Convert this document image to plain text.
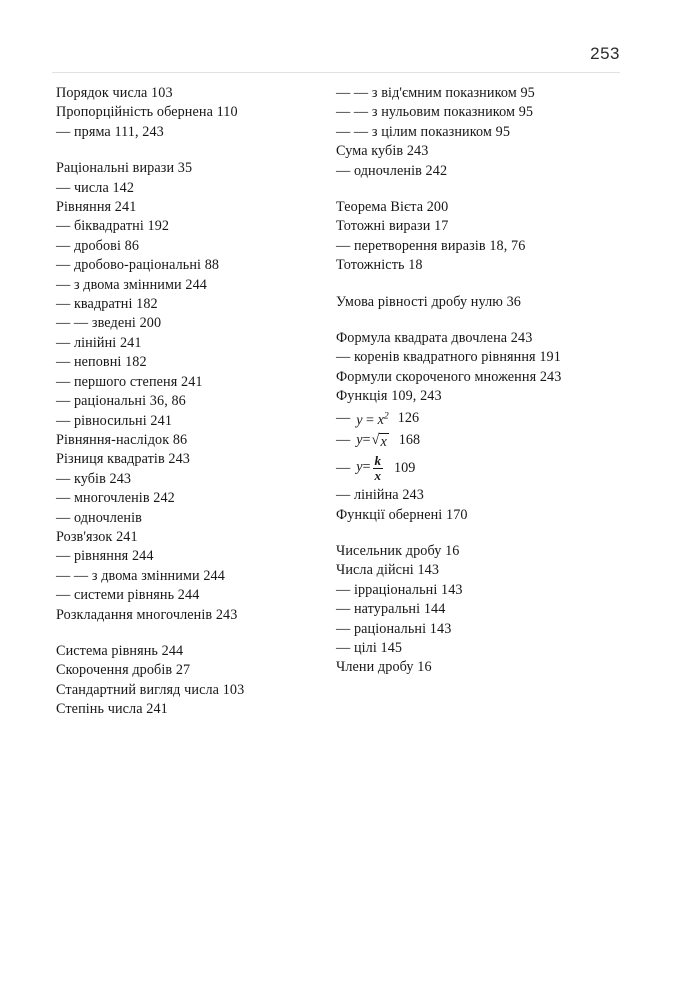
253
Порядок числа 103
Пропорційність обернена 110
— пряма 111, 243
Раціональні вирази 35
— числа 142
Рівняння 241
— біквадратні 192
— дробові 86
— дробово-раціональні 88
— з двома змінними 244
— квадратні 182
— — зведені 200
— лінійні 241
— неповні 182
— першого степеня 241
— раціональні 36, 86
— рівносильні 241
Рівняння-наслідок 86
Різниця квадратів 243
— кубів 243
— многочленів 242
— одночленів
Розв'язок 241
— рівняння 244
— — з двома змінними 244
— системи рівнянь 244
Розкладання многочленів 243
Система рівнянь 244
Скорочення дробів 27
Стандартний вигляд числа 103
Степінь числа 241
— — з від'ємним показником 95
— — з нульовим показником 95
— — з цілим показником 95
Сума кубів 243
— одночленів 242
Теорема Вієта 200
Тотожні вирази 17
— перетворення виразів 18, 76
Тотожність 18
Умова рівності дробу нулю 36
Формула квадрата двочлена 243
— коренів квадратного рівняння 191
Формули скороченого множення 243
Функція 109, 243
— $y = x^2$ 126
— y= √ x 168
— $y= \frac{k}{x} 109$
— лінійна 243
Функції обернені 170
Чисельник дробу 16
Числа дійсні 143
— ірраціональні 143
— натуральні 144
— раціональні 143
— цілі 145
Члени дробу 16
